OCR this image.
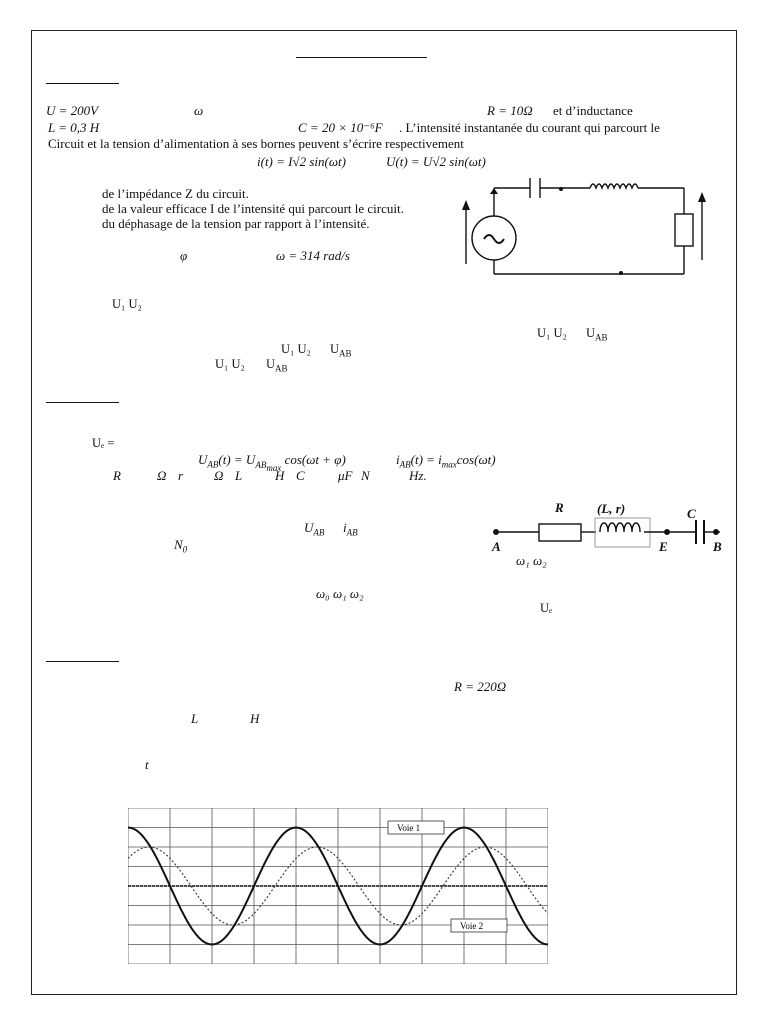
U = 200V	ω	R = 10Ω et d’inductance
L = 0,3 H	C = 20 × 10⁻⁶F . L’intensité instantanée du courant qui parcourt le
Circuit et la tension d’alimentation à ses bornes peuvent s’écrire respectivement
i(t) = I√2 sin(ωt)	U(t) = U√2 sin(ωt)
de l’impédance Z du circuit.
de la valeur efficace I de l’intensité qui parcourt le circuit.
du déphasage de la tension par rapport à l’intensité.
φ	ω = 314 rad/s
U₁ U₂
U₁ U₂ $U_{AB}$
U₁ U₂ $U_{AB}$
U₁ U₂ $U_{AB}$
Uₑ =
$U_{AB}(t) = U_{AB_{max}}$ cos(ωt + φ)	$i_{AB}(t) = i_{max}\cos(\omega t)$
R	Ω r Ω L	H C	μF N	Hz.
$U_{AB}$ $i_{AB}$
$N_0$
ω₁ ω₂
ω₀ ω₁ ω₂
Uₑ
A
R	(L, r)	C
E	B
R = 220Ω
L	H
t
Voie 1
Voie 2
